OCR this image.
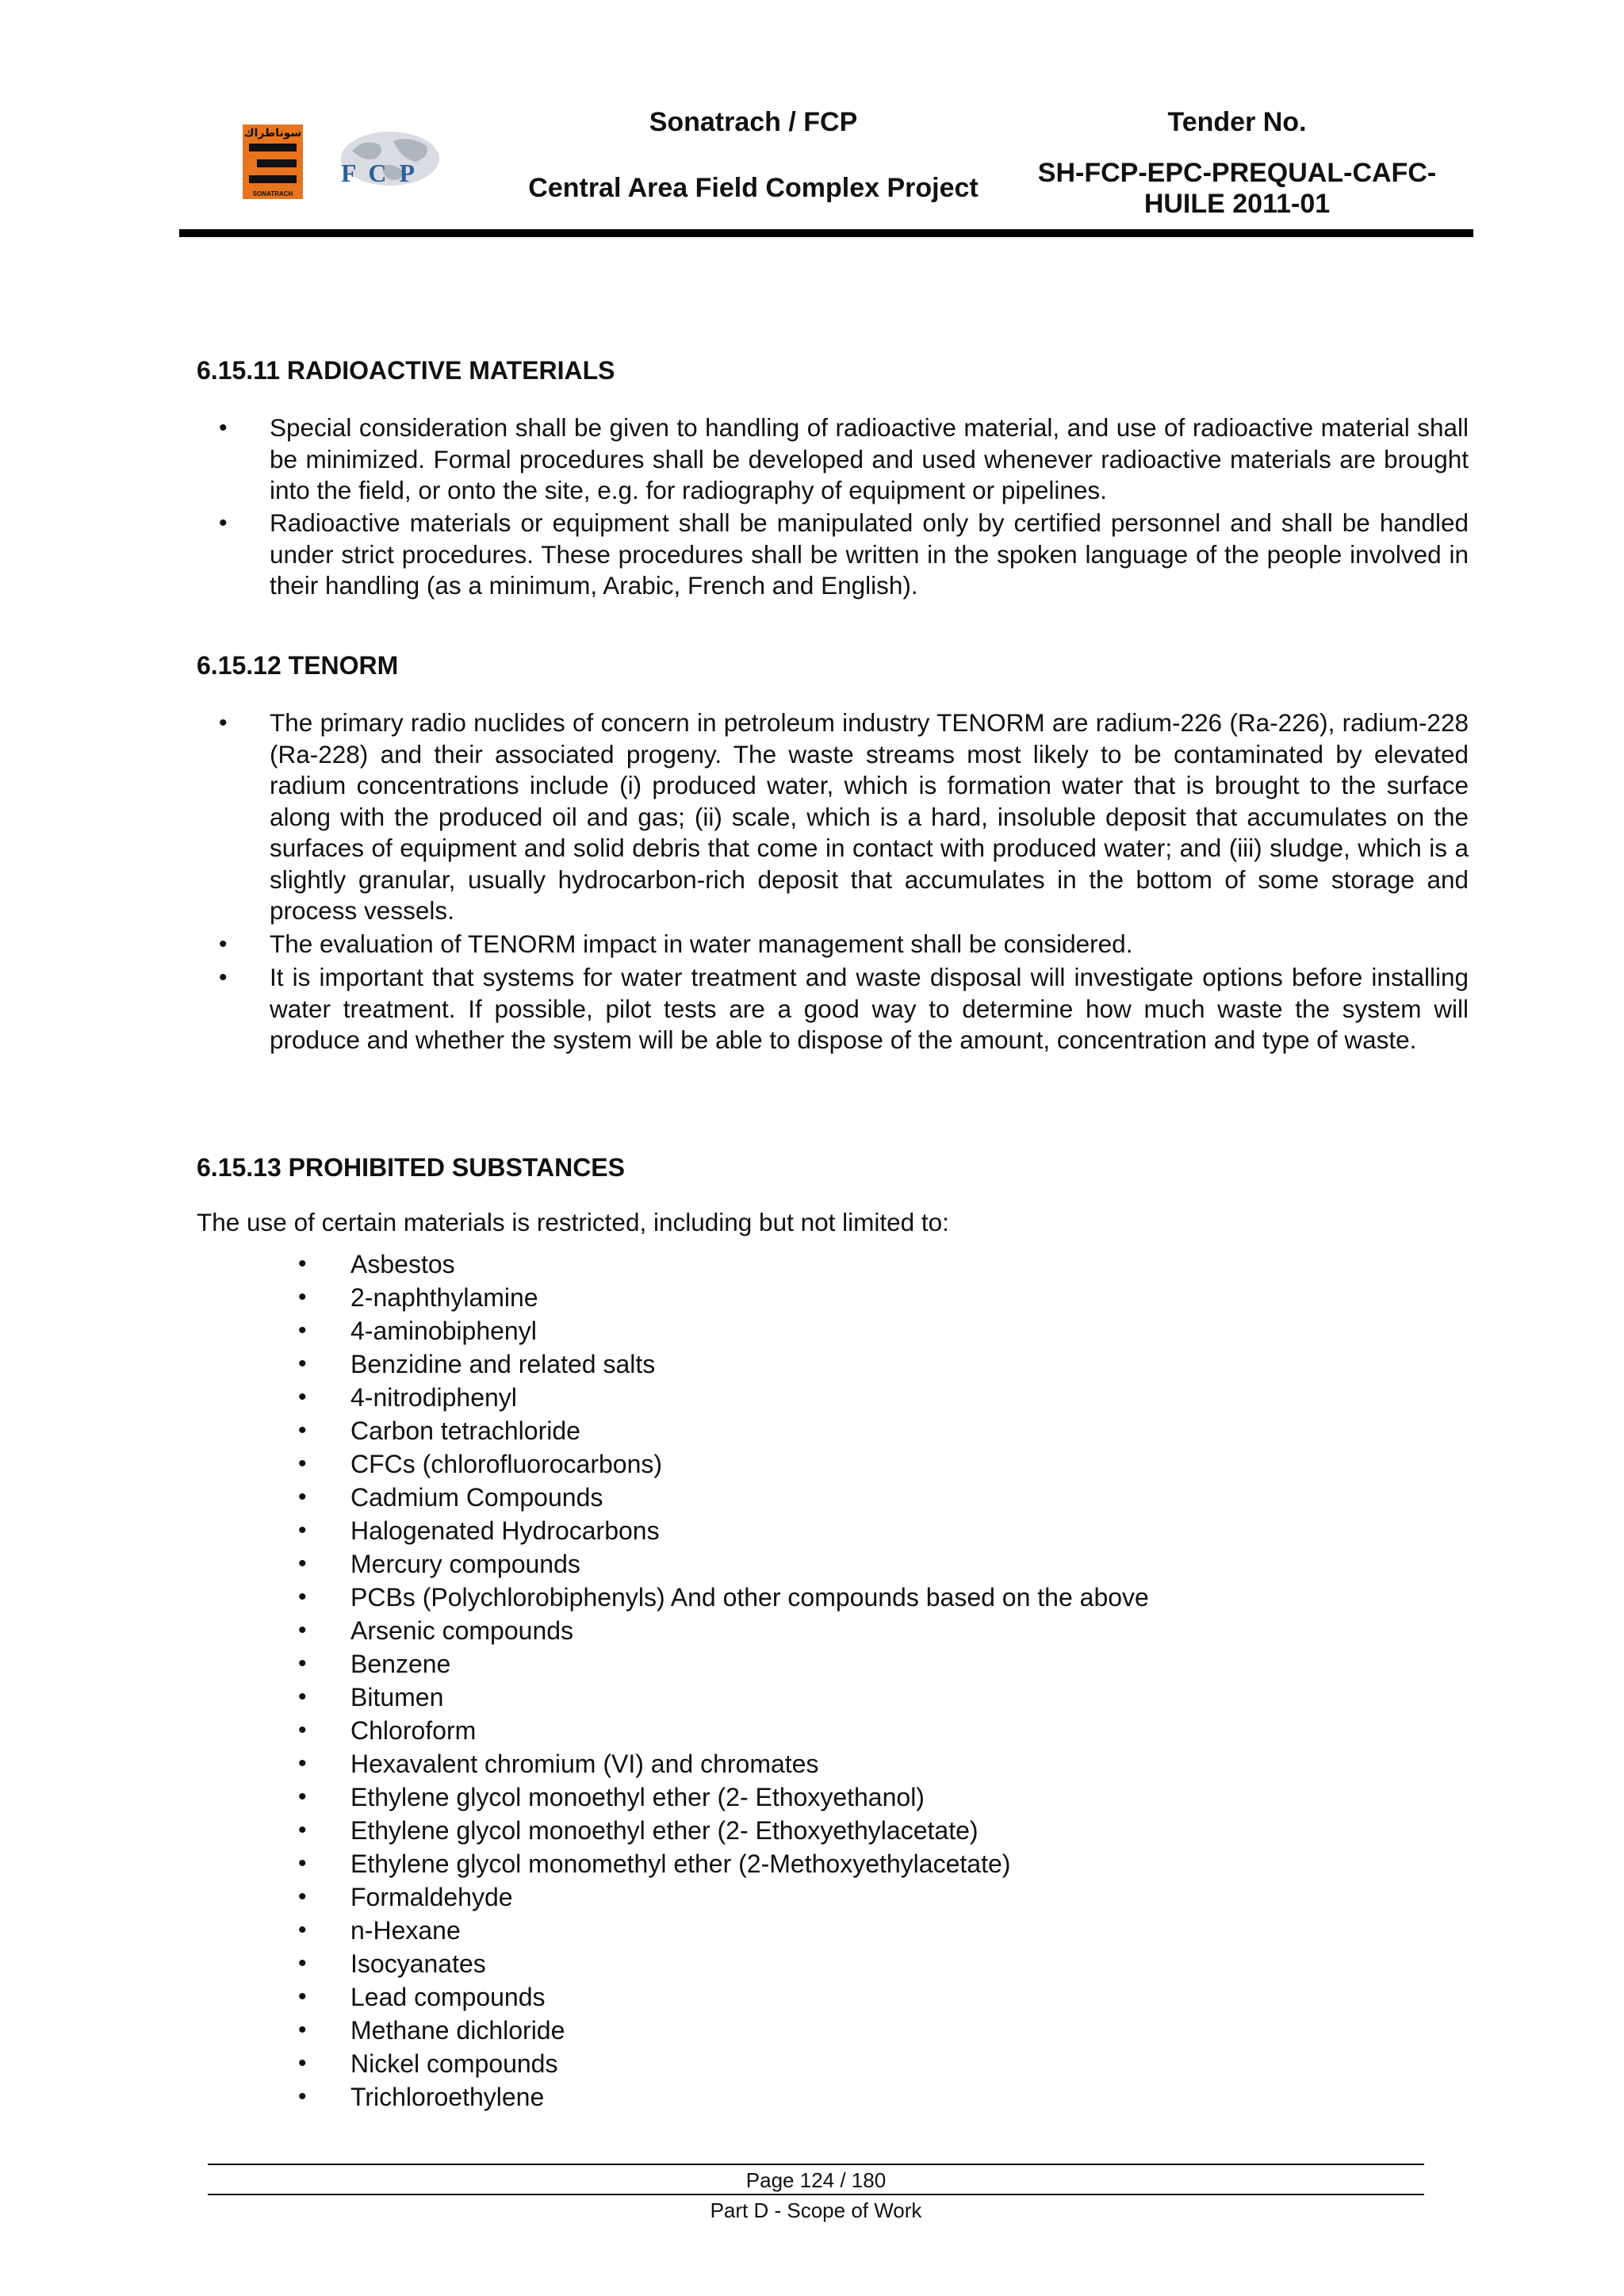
سوناطراك
SONATRACH
F C P
Sonatrach / FCP
Central Area Field Complex Project
Tender No.
SH-FCP-EPC-PREQUAL-CAFC-
HUILE 2011-01
6.15.11 RADIOACTIVE MATERIALS
• Special consideration shall be given to handling of radioactive material, and use of radioactive material shall be minimized. Formal procedures shall be developed and used whenever radioactive materials are brought into the field, or onto the site, e.g. for radiography of equipment or pipelines.
• Radioactive materials or equipment shall be manipulated only by certified personnel and shall be handled under strict procedures. These procedures shall be written in the spoken language of the people involved in their handling (as a minimum, Arabic, French and English).
6.15.12 TENORM
• The primary radio nuclides of concern in petroleum industry TENORM are radium-226 (Ra-226), radium-228 (Ra-228) and their associated progeny. The waste streams most likely to be contaminated by elevated radium concentrations include (i) produced water, which is formation water that is brought to the surface along with the produced oil and gas; (ii) scale, which is a hard, insoluble deposit that accumulates on the surfaces of equipment and solid debris that come in contact with produced water; and (iii) sludge, which is a slightly granular, usually hydrocarbon-rich deposit that accumulates in the bottom of some storage and process vessels.
• The evaluation of TENORM impact in water management shall be considered.
• It is important that systems for water treatment and waste disposal will investigate options before installing water treatment. If possible, pilot tests are a good way to determine how much waste the system will produce and whether the system will be able to dispose of the amount, concentration and type of waste.
6.15.13 PROHIBITED SUBSTANCES
The use of certain materials is restricted, including but not limited to:
• Asbestos
• 2-naphthylamine
• 4-aminobiphenyl
• Benzidine and related salts
• 4-nitrodiphenyl
• Carbon tetrachloride
• CFCs (chlorofluorocarbons)
• Cadmium Compounds
• Halogenated Hydrocarbons
• Mercury compounds
• PCBs (Polychlorobiphenyls) And other compounds based on the above
• Arsenic compounds
• Benzene
• Bitumen
• Chloroform
• Hexavalent chromium (VI) and chromates
• Ethylene glycol monoethyl ether (2- Ethoxyethanol)
• Ethylene glycol monoethyl ether (2- Ethoxyethylacetate)
• Ethylene glycol monomethyl ether (2-Methoxyethylacetate)
• Formaldehyde
• n-Hexane
• Isocyanates
• Lead compounds
• Methane dichloride
• Nickel compounds
• Trichloroethylene
Page 124 / 180
Part D - Scope of Work
